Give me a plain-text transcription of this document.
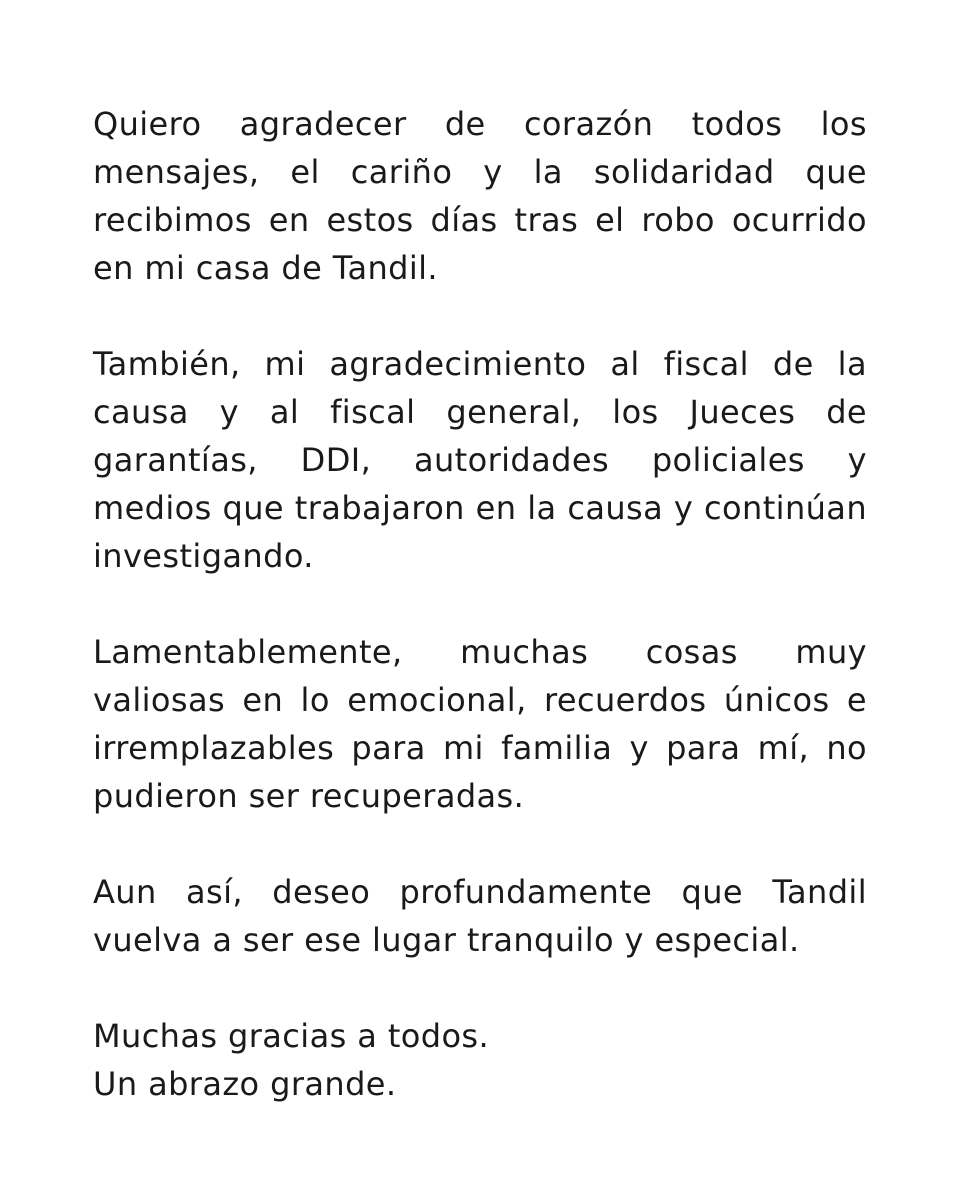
Quiero agradecer de corazón todos los mensajes, el cariño y la solidaridad que recibimos en estos días tras el robo ocurrido en mi casa de Tandil.

También, mi agradecimiento al fiscal de la causa y al fiscal general, los Jueces de garantías, DDI, autoridades policiales y medios que trabajaron en la causa y continúan investigando.

Lamentablemente, muchas cosas muy valiosas en lo emocional, recuerdos únicos e irremplazables para mi familia y para mí, no pudieron ser recuperadas.

Aun así, deseo profundamente que Tandil vuelva a ser ese lugar tranquilo y especial.

Muchas gracias a todos.

Un abrazo grande.
